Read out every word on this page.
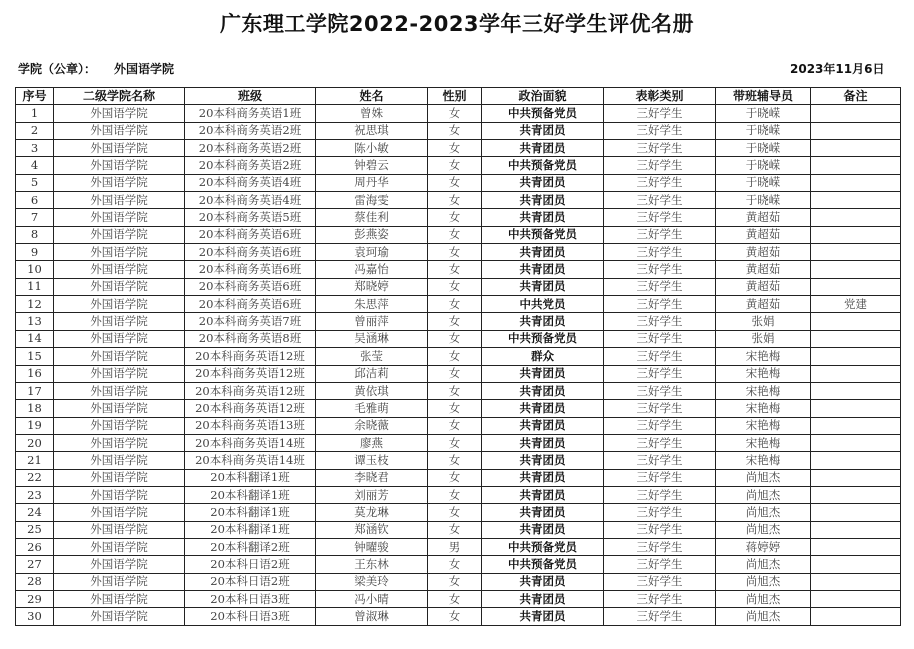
广东理工学院2022-2023学年三好学生评优名册
学院（公章）： 外国语学院	2023年11月6日
序号	二级学院名称	班级	姓名	性别	政治面貌	表彰类别	带班辅导员	备注
1	外国语学院	20本科商务英语1班	曾姝	女	中共预备党员	三好学生	于晓嵘	
2	外国语学院	20本科商务英语2班	祝思琪	女	共青团员	三好学生	于晓嵘	
3	外国语学院	20本科商务英语2班	陈小敏	女	共青团员	三好学生	于晓嵘	
4	外国语学院	20本科商务英语2班	钟碧云	女	中共预备党员	三好学生	于晓嵘	
5	外国语学院	20本科商务英语4班	周丹华	女	共青团员	三好学生	于晓嵘	
6	外国语学院	20本科商务英语4班	雷海雯	女	共青团员	三好学生	于晓嵘	
7	外国语学院	20本科商务英语5班	蔡佳利	女	共青团员	三好学生	黄超茹	
8	外国语学院	20本科商务英语6班	彭燕姿	女	中共预备党员	三好学生	黄超茹	
9	外国语学院	20本科商务英语6班	袁珂瑜	女	共青团员	三好学生	黄超茹	
10	外国语学院	20本科商务英语6班	冯嘉怡	女	共青团员	三好学生	黄超茹	
11	外国语学院	20本科商务英语6班	郑晓婷	女	共青团员	三好学生	黄超茹	
12	外国语学院	20本科商务英语6班	朱思萍	女	中共党员	三好学生	黄超茹	党建
13	外国语学院	20本科商务英语7班	曾丽萍	女	共青团员	三好学生	张娟	
14	外国语学院	20本科商务英语8班	吴涵琳	女	中共预备党员	三好学生	张娟	
15	外国语学院	20本科商务英语12班	张莹	女	群众	三好学生	宋艳梅	
16	外国语学院	20本科商务英语12班	邱洁莉	女	共青团员	三好学生	宋艳梅	
17	外国语学院	20本科商务英语12班	黄依琪	女	共青团员	三好学生	宋艳梅	
18	外国语学院	20本科商务英语12班	毛雅萌	女	共青团员	三好学生	宋艳梅	
19	外国语学院	20本科商务英语13班	余晓薇	女	共青团员	三好学生	宋艳梅	
20	外国语学院	20本科商务英语14班	廖燕	女	共青团员	三好学生	宋艳梅	
21	外国语学院	20本科商务英语14班	谭玉枝	女	共青团员	三好学生	宋艳梅	
22	外国语学院	20本科翻译1班	李晓君	女	共青团员	三好学生	尚旭杰	
23	外国语学院	20本科翻译1班	刘丽芳	女	共青团员	三好学生	尚旭杰	
24	外国语学院	20本科翻译1班	莫龙琳	女	共青团员	三好学生	尚旭杰	
25	外国语学院	20本科翻译1班	郑涵钦	女	共青团员	三好学生	尚旭杰	
26	外国语学院	20本科翻译2班	钟曜骏	男	中共预备党员	三好学生	蒋婷婷	
27	外国语学院	20本科日语2班	王东林	女	中共预备党员	三好学生	尚旭杰	
28	外国语学院	20本科日语2班	梁美玲	女	共青团员	三好学生	尚旭杰	
29	外国语学院	20本科日语3班	冯小晴	女	共青团员	三好学生	尚旭杰	
30	外国语学院	20本科日语3班	曾淑琳	女	共青团员	三好学生	尚旭杰	
